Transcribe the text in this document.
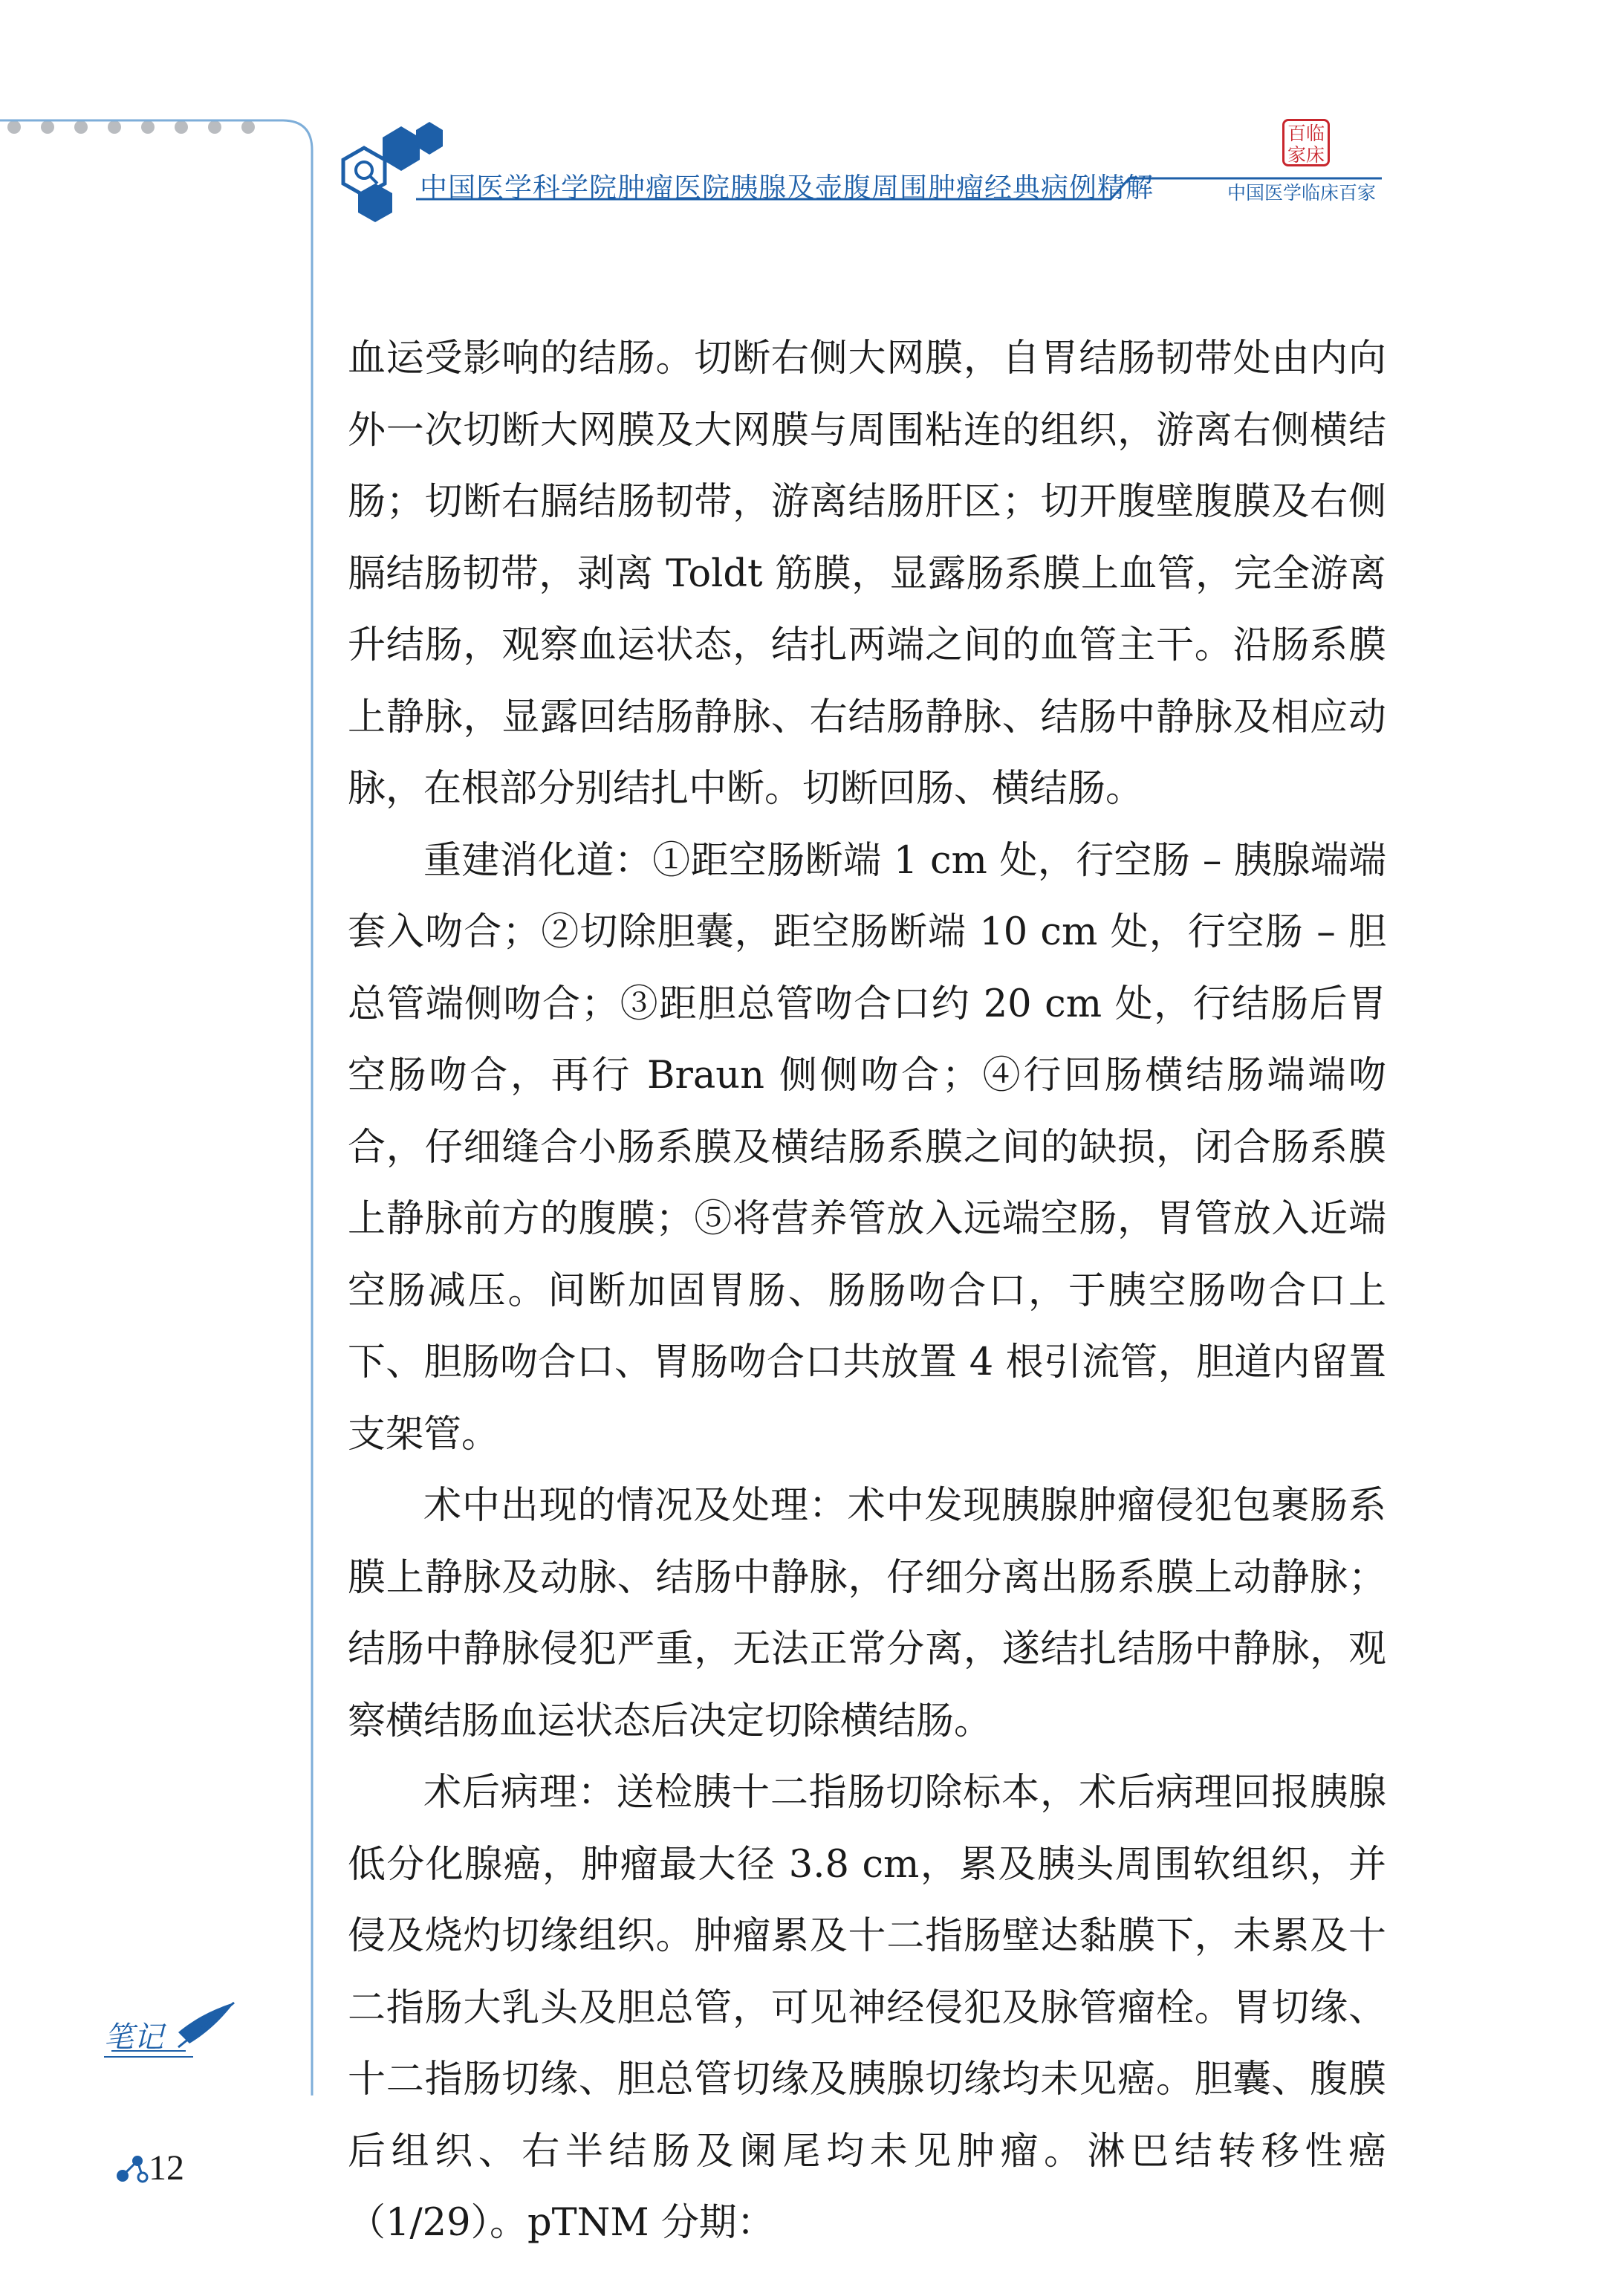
百临家床
中国医学科学院肿瘤医院胰腺及壶腹周围肿瘤经典病例精解	中国医学临床百家

血运受影响的结肠。切断右侧大网膜，自胃结肠韧带处由内向外一次切断大网膜及大网膜与周围粘连的组织，游离右侧横结肠；切断右膈结肠韧带，游离结肠肝区；切开腹壁腹膜及右侧膈结肠韧带，剥离 Toldt 筋膜，显露肠系膜上血管，完全游离升结肠，观察血运状态，结扎两端之间的血管主干。沿肠系膜上静脉，显露回结肠静脉、右结肠静脉、结肠中静脉及相应动脉，在根部分别结扎中断。切断回肠、横结肠。

重建消化道：①距空肠断端 1 cm 处，行空肠 – 胰腺端端套入吻合；②切除胆囊，距空肠断端 10 cm 处，行空肠 – 胆总管端侧吻合；③距胆总管吻合口约 20 cm 处，行结肠后胃空肠吻合，再行 Braun 侧侧吻合；④行回肠横结肠端端吻合，仔细缝合小肠系膜及横结肠系膜之间的缺损，闭合肠系膜上静脉前方的腹膜；⑤将营养管放入远端空肠，胃管放入近端空肠减压。间断加固胃肠、肠肠吻合口，于胰空肠吻合口上下、胆肠吻合口、胃肠吻合口共放置 4 根引流管，胆道内留置支架管。

术中出现的情况及处理：术中发现胰腺肿瘤侵犯包裹肠系膜上静脉及动脉、结肠中静脉，仔细分离出肠系膜上动静脉；结肠中静脉侵犯严重，无法正常分离，遂结扎结肠中静脉，观察横结肠血运状态后决定切除横结肠。

术后病理：送检胰十二指肠切除标本，术后病理回报胰腺低分化腺癌，肿瘤最大径 3.8 cm，累及胰头周围软组织，并侵及烧灼切缘组织。肿瘤累及十二指肠壁达黏膜下，未累及十二指肠大乳头及胆总管，可见神经侵犯及脉管瘤栓。胃切缘、十二指肠切缘、胆总管切缘及胰腺切缘均未见癌。胆囊、腹膜后组织、右半结肠及阑尾均未见肿瘤。淋巴结转移性癌（1/29）。pTNM 分期：

笔记
12
